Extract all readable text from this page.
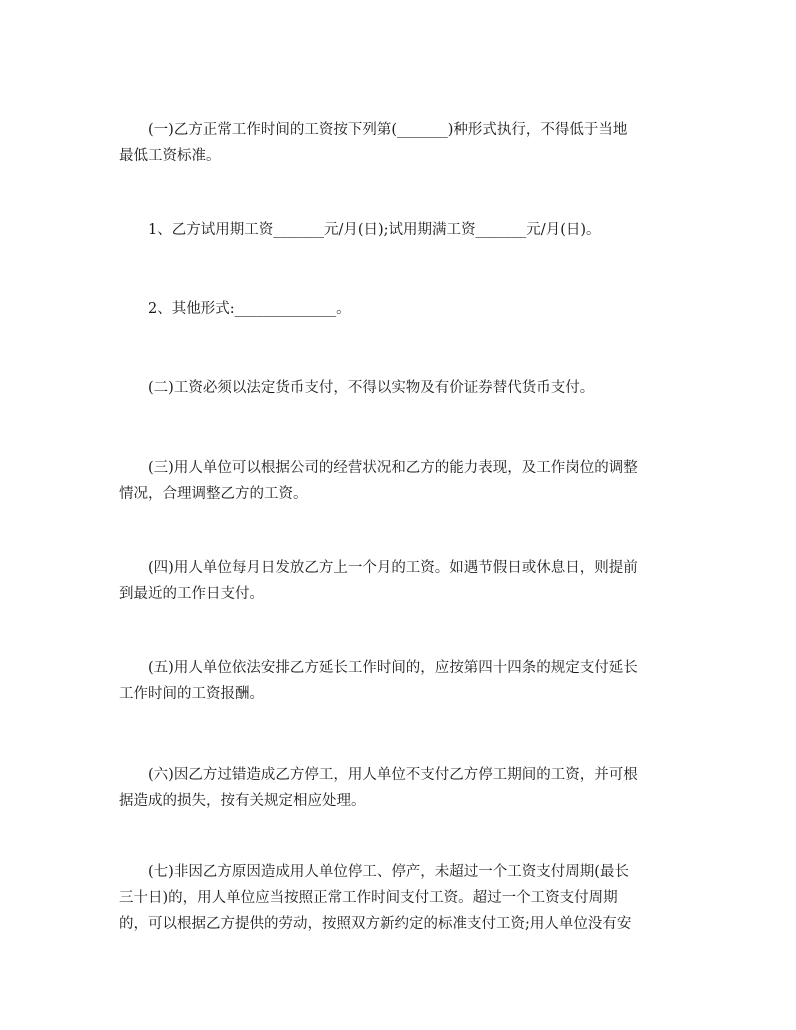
(一)乙方正常工作时间的工资按下列第(_______)种形式执行，不得低于当地
最低工资标准。
1、乙方试用期工资_______元/月(日);试用期满工资_______元/月(日)。
2、其他形式:______________。
(二)工资必须以法定货币支付，不得以实物及有价证券替代货币支付。
(三)用人单位可以根据公司的经营状况和乙方的能力表现，及工作岗位的调整
情况，合理调整乙方的工资。
(四)用人单位每月日发放乙方上一个月的工资。如遇节假日或休息日，则提前
到最近的工作日支付。
(五)用人单位依法安排乙方延长工作时间的，应按第四十四条的规定支付延长
工作时间的工资报酬。
(六)因乙方过错造成乙方停工，用人单位不支付乙方停工期间的工资，并可根
据造成的损失，按有关规定相应处理。
(七)非因乙方原因造成用人单位停工、停产，未超过一个工资支付周期(最长
三十日)的，用人单位应当按照正常工作时间支付工资。超过一个工资支付周期
的，可以根据乙方提供的劳动，按照双方新约定的标准支付工资;用人单位没有安
